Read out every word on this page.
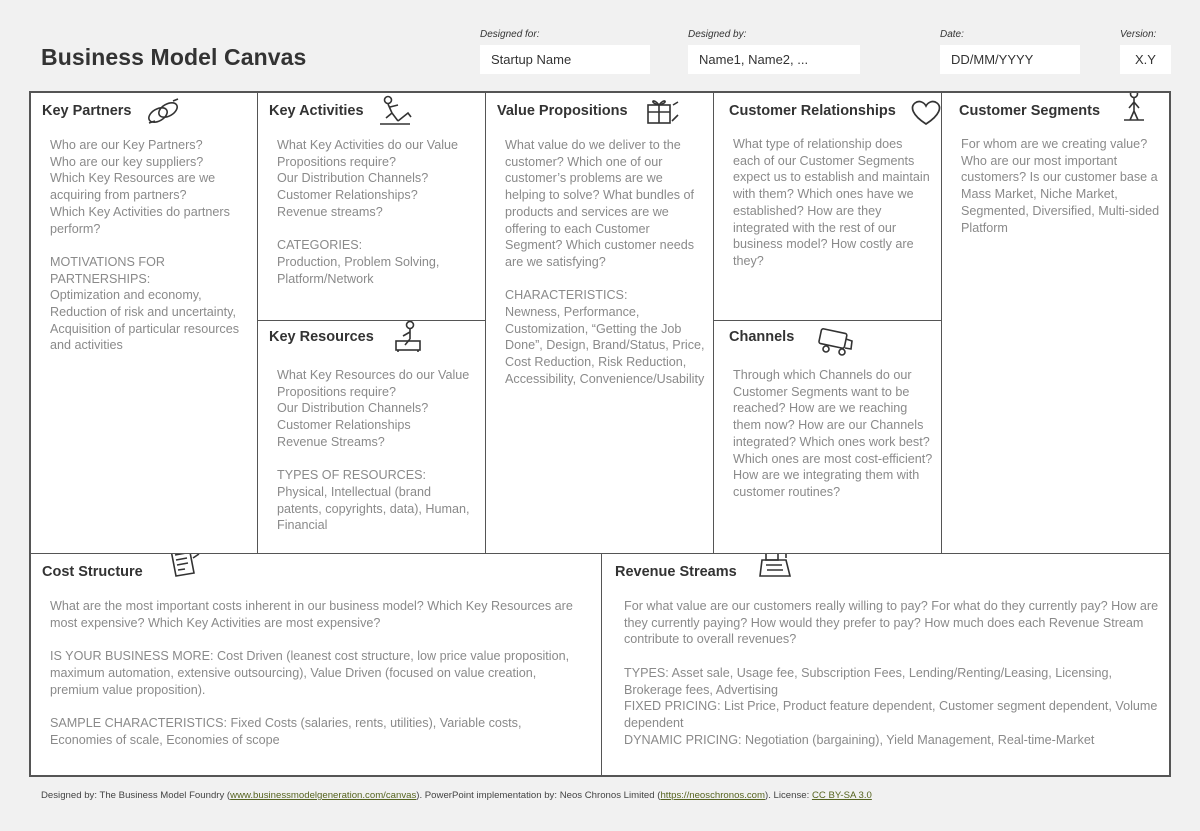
Business Model Canvas
Designed for:
Startup Name
Designed by:
Name1, Name2, ...
Date:
DD/MM/YYYY
Version:
X.Y
Key Partners
Who are our Key Partners?
Who are our key suppliers?
Which Key Resources are we acquiring from partners?
Which Key Activities do partners perform?

MOTIVATIONS FOR PARTNERSHIPS:
Optimization and economy, Reduction of risk and uncertainty, Acquisition of particular resources and activities
Key Activities
What Key Activities do our Value Propositions require?
Our Distribution Channels?
Customer Relationships?
Revenue streams?

CATEGORIES:
Production, Problem Solving, Platform/Network
Key Resources
What Key Resources do our Value Propositions require?
Our Distribution Channels?
Customer Relationships
Revenue Streams?

TYPES OF RESOURCES:
Physical, Intellectual (brand patents, copyrights, data), Human, Financial
Value Propositions
What value do we deliver to the customer? Which one of our customer’s problems are we helping to solve? What bundles of products and services are we offering to each Customer Segment? Which customer needs are we satisfying?

CHARACTERISTICS:
Newness, Performance, Customization, “Getting the Job Done”, Design, Brand/Status, Price, Cost Reduction, Risk Reduction, Accessibility, Convenience/Usability
Customer Relationships
What type of relationship does each of our Customer Segments expect us to establish and maintain with them? Which ones have we established? How are they integrated with the rest of our business model? How costly are they?
Channels
Through which Channels do our Customer Segments want to be reached? How are we reaching them now? How are our Channels integrated? Which ones work best? Which ones are most cost-efficient? How are we integrating them with customer routines?
Customer Segments
For whom are we creating value? Who are our most important customers? Is our customer base a Mass Market, Niche Market, Segmented, Diversified, Multi-sided Platform
Cost Structure
What are the most important costs inherent in our business model? Which Key Resources are most expensive? Which Key Activities are most expensive?

IS YOUR BUSINESS MORE: Cost Driven (leanest cost structure, low price value proposition, maximum automation, extensive outsourcing), Value Driven (focused on value creation, premium value proposition).

SAMPLE CHARACTERISTICS: Fixed Costs (salaries, rents, utilities), Variable costs, Economies of scale, Economies of scope
Revenue Streams
For what value are our customers really willing to pay? For what do they currently pay? How are they currently paying? How would they prefer to pay? How much does each Revenue Stream contribute to overall revenues?

TYPES: Asset sale, Usage fee, Subscription Fees, Lending/Renting/Leasing, Licensing, Brokerage fees, Advertising
FIXED PRICING: List Price, Product feature dependent, Customer segment dependent, Volume dependent
DYNAMIC PRICING: Negotiation (bargaining), Yield Management, Real-time-Market
Designed by: The Business Model Foundry (www.businessmodelgeneration.com/canvas). PowerPoint implementation by: Neos Chronos Limited (https://neoschronos.com). License: CC BY-SA 3.0
